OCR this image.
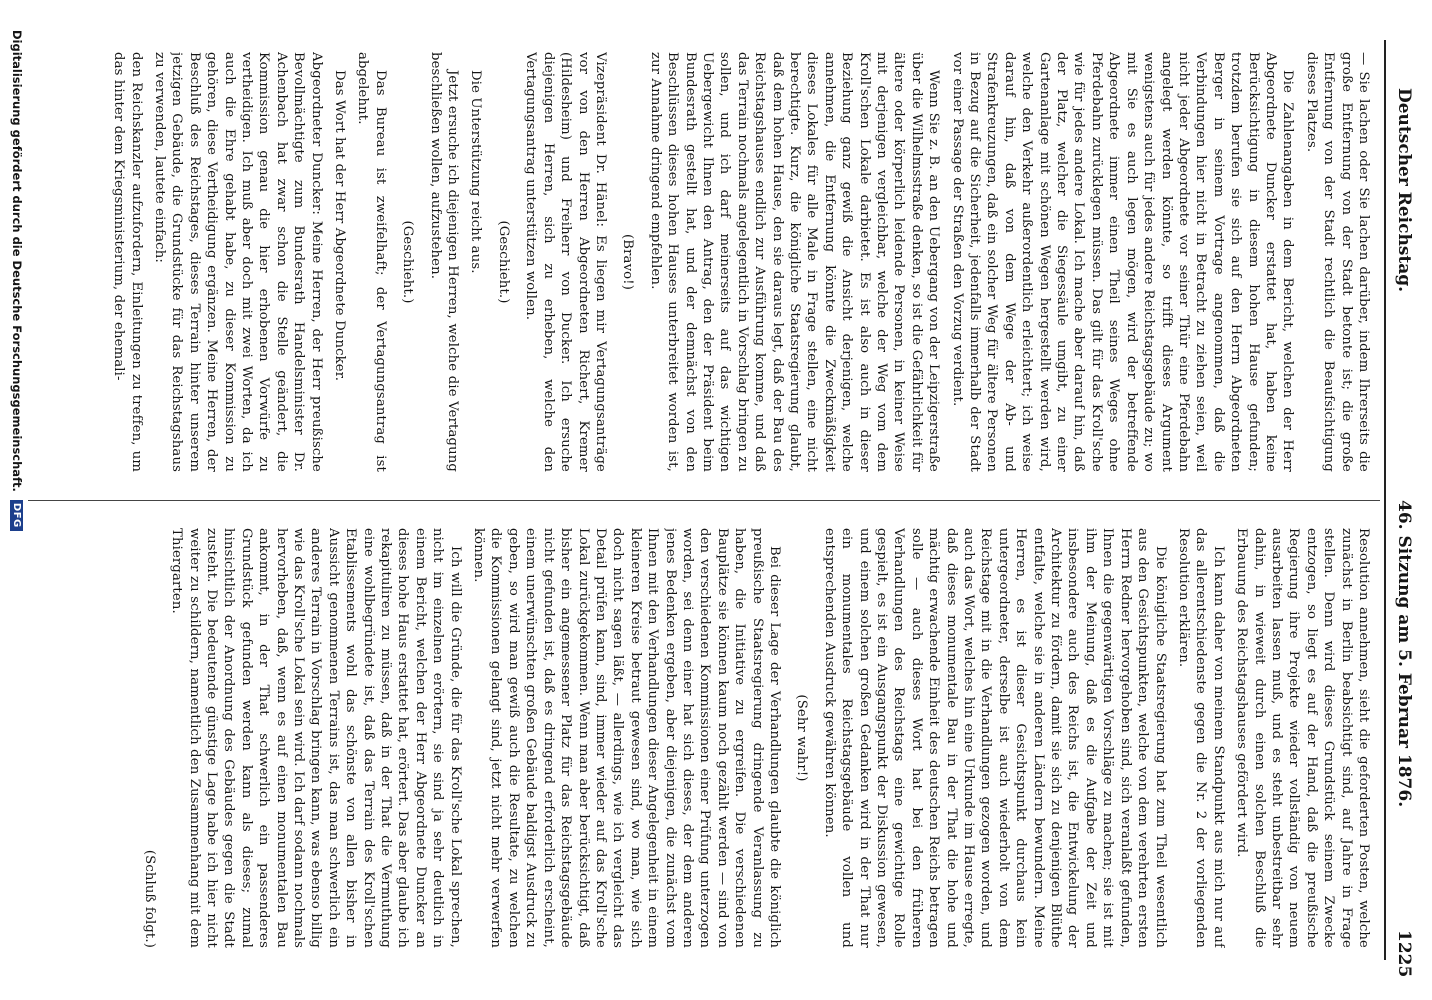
Deutscher Reichstag.
46. Sitzung am 5. Februar 1876.
1225

— Sie lachen oder Sie lachen darüber, indem Ihrerseits die große Entfernung von der Stadt betonte ist; die große Entfernung von der Stadt rechtlich die Beaufsichtigung dieses Platzes.

Die Zahlenangaben in dem Bericht, welchen der Herr Abgeordnete Duncker erstattet hat, haben keine Berücksichtigung in diesem hohen Hause gefunden; trotzdem berufen sie sich auf den Herrn Abgeordneten Berger in seinem Vortrage angenommen, daß die Verbindungen hier nicht in Betracht zu ziehen seien, weil nicht jeder Abgeordnete vor seiner Thür eine Pferdebahn angelegt werden könnte, so trifft dieses Argument wenigstens auch für jedes andere Reichstagsgebäude zu; wo mit Sie es auch legen mögen, wird der betreffende Abgeordnete immer einen Theil seines Weges ohne Pferdebahn zurücklegen müssen. Das gilt für das Kroll'sche wie für jedes andere Lokal. Ich mache aber darauf hin, daß der Platz, welcher die Siegessäule umgibt, zu einer Gartenanlage mit schönen Wegen hergestellt werden wird, welche den Verkehr außerordentlich erleichtert; ich weise darauf hin, daß von dem Wege der Ab- und Strafenkreuzungen, daß ein solcher Weg für ältere Personen in Bezug auf die Sicherheit, jedenfalls immerhalb der Stadt vor einer Passage der Straßen den Vorzug verdient.

Wenn Sie z. B. an den Uebergang von der Leipzigerstraße über die Wilhelmsstraße denken, so ist die Gefährlichkeit für ältere oder körperlich leidende Personen, in keiner Weise mit derjenigen vergleichbar, welche der Weg vom dem Kroll'schen Lokale darbietet. Es ist also auch in dieser Beziehung ganz gewiß die Ansicht derjenigen, welche annehmen, die Entfernung könnte die Zweckmäßigkeit dieses Lokales für alle Male in Frage stellen, eine nicht berechtigte. Kurz, die königliche Staatsregierung glaubt, daß dem hohen Hause, den sie daraus legt, daß der Bau des Reichstagshauses endlich zur Ausführung komme, und daß das Terrain nochmals angelegentlich in Vorschlag bringen zu sollen, und ich darf meinerseits auf das wichtigen Uebergewicht Ihnen den Antrag, den der Präsident beim Bundesrath gestellt hat, und der demnächst von den Beschlüssen dieses hohen Hauses unterbreitet worden ist, zur Annahme dringend empfehlen.

(Bravo!)

Vizepräsident Dr. Hänel: Es liegen mir Vertagungsanträge vor von den Herren Abgeordneten Richert, Kremer (Hildesheim) und Freiherr von Ducker. Ich ersuche diejenigen Herren, sich zu erheben, welche den Vertagungsantrag unterstützen wollen.

(Geschieht.)

Die Unterstützung reicht aus.

Jetzt ersuche ich diejenigen Herren, welche die Vertagung beschließen wollen, aufzustehen.

(Geschieht.)

Das Bureau ist zweifelhaft; der Vertagungsantrag ist abgelehnt.

Das Wort hat der Herr Abgeordnete Duncker.

Abgeordneter Duncker: Meine Herren, der Herr preußische Bevollmächtigte zum Bundesrath Handelsminister Dr. Achenbach hat zwar schon die Stelle geändert, die Kommission genau die hier erhobenen Vorwürfe zu vertheidigen. Ich muß aber doch mit zwei Worten, da ich auch die Ehre gehabt habe, zu dieser Kommission zu gehören, diese Vertheidigung ergänzen. Meine Herren, der Beschluß des Reichstages, dieses Terrain hinter unserem jetzigen Gebäude, die Grundstücke für das Reichstagshaus zu verwenden, lautete einfach:

den Reichskanzler aufzufordern, Einleitungen zu treffen, um das hinter dem Kriegsministerium, der ehemali-

Resolution annehmen, sieht die geforderten Posten, welche zunächst in Berlin beabsichtigt sind, auf Jahre in Frage stellen. Denn wird dieses Grundstück seinem Zwecke entzogen, so liegt es auf der Hand, daß die preußische Regierung ihre Projekte wieder vollständig von neuem ausarbeiten lassen muß, und es steht unbestreitbar sehr dahin, in wieweit durch einen solchen Beschluß die Erbauung des Reichstagshauses gefördert wird.

Ich kann daher von meinem Standpunkt aus mich nur auf das allerentschiedenste gegen die Nr. 2 der vorliegenden Resolution erklären.

Die königliche Staatsregierung hat zum Theil wesentlich aus den Gesichtspunkten, welche von dem verehrten ersten Herrn Redner hervorgehoben sind, sich veranlaßt gefunden, Ihnen die gegenwärtigen Vorschläge zu machen; sie ist mit ihm der Meinung, daß es die Aufgabe der Zeit und insbesondere auch des Reichs ist, die Entwickelung der Architektur zu fördern, damit sie sich zu denjenigen Blüthe entfalte, welche sie in anderen Ländern bewundern. Meine Herren, es ist dieser Gesichtspunkt durchaus kein untergeordneter, derselbe ist auch wiederholt von dem Reichstage mit in die Verhandlungen gezogen worden, und auch das Wort, welches hin eine Urkunde im Hause erregte, daß dieses monumentale Bau in der That die hohe und mächtig erwachende Einheit des deutschen Reichs betragen solle — auch dieses Wort hat bei den früheren Verhandlungen des Reichstags eine gewichtige Rolle gespielt, es ist ein Ausgangspunkt der Diskussion gewesen, und einem solchen großen Gedanken wird in der That nur ein monumentales Reichstagsgebäude vollen und entsprechenden Ausdruck gewähren können.

(Sehr wahr!)

Bei dieser Lage der Verhandlungen glaubte die königlich preußische Staatsregierung dringende Veranlassung zu haben, die Initiative zu ergreifen. Die verschiedenen Bauplätze sie können kaum noch gezählt werden — sind von den verschiedenen Kommissionen einer Prüfung unterzogen worden, sei denn einer hat sich dieses, der dem anderen jenes Bedenken ergeben, aber diejenigen, die zunächst vom Ihnen mit den Verhandlungen dieser Angelegenheit in einem kleineren Kreise betraut gewesen sind, wo man, wie sich doch nicht sagen läßt, — allerdings, wie ich vergleicht das Detail prüfen kann, sind, immer wieder auf das Kroll'sche Lokal zurückgekommen. Wenn man aber berücksichtigt, daß bisher ein angemessener Platz für das Reichstagsgebäude nicht gefunden ist, daß es dringend erforderlich erscheint, einem unerwünschten großen Gebäude baldigst Ausdruck zu geben, so wird man gewiß auch die Resultate, zu welchen die Kommissionen gelangt sind, jetzt nicht mehr verwerfen können.

Ich will die Gründe, die für das Kroll'sche Lokal sprechen, nicht im einzelnen erörtern, sie sind ja sehr deutlich in einem Bericht, welchen der Herr Abgeordnete Duncker an dieses hohe Haus erstattet hat, erörtert. Das aber glaube ich rekapituliren zu müssen, daß in der That die Vermuthung eine wohlbegründete ist, daß das Terrain des Kroll'schen Etablissements wohl das schönste von allen bisher in Aussicht genommenen Terrains ist, das man schwerlich ein anderes Terrain in Vorschlag bringen kann, was ebenso billig wie das Kroll'sche Lokal sein wird. Ich darf sodann nochmals hervorheben, daß, wenn es auf einen monumentalen Bau ankommt, in der That schwerlich ein passenderes Grundstück gefunden werden kann als dieses; zumal hinsichtlich der Anordnung des Gebäudes gegen die Stadt zusteht. Die bedeutende günstige Lage habe ich hier nicht weiter zu schildern, namentlich den Zusammenhang mit dem Thiergarten.

(Schluß folgt.)

Digitalisierung gefördert durch die Deutsche Forschungsgemeinschaft.
DFG
